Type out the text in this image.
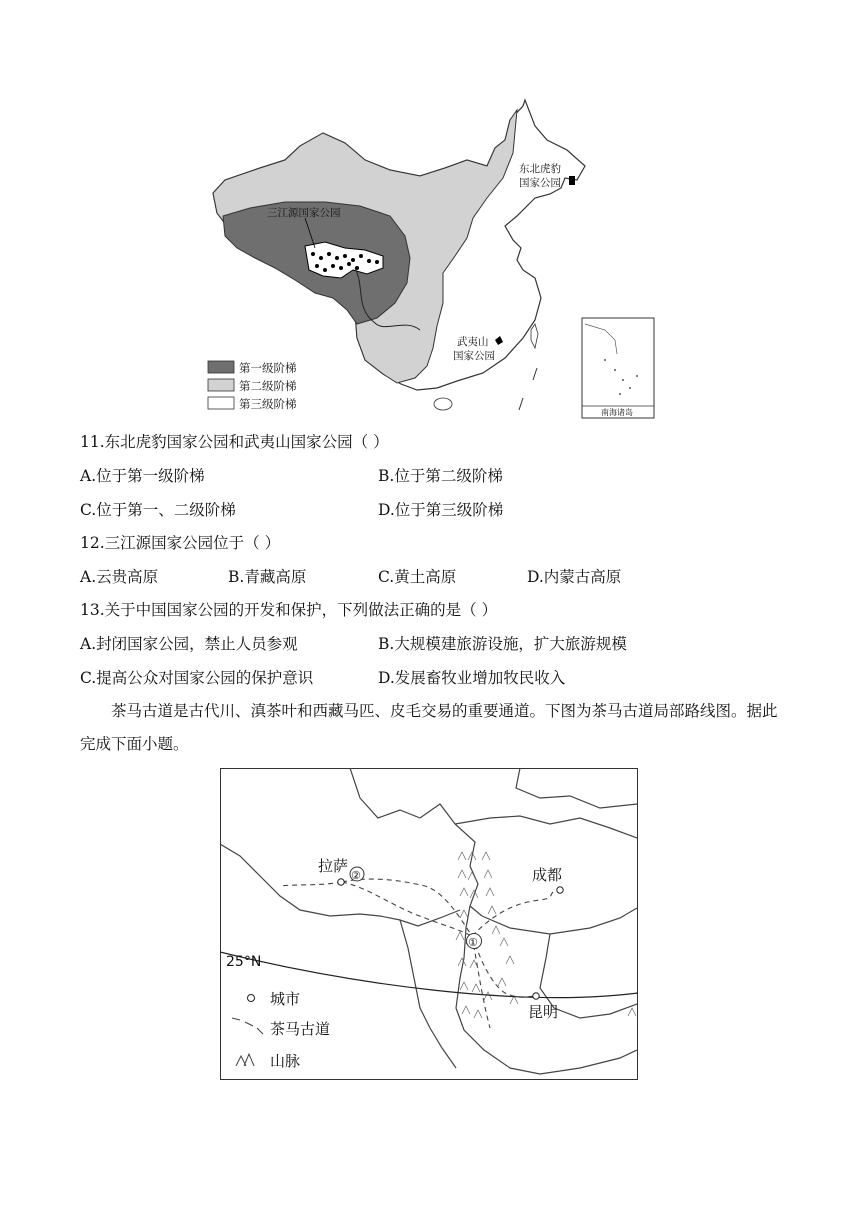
三江源国家公园
东北虎豹
国家公园
武夷山
国家公园
南海诸岛
第一级阶梯
第二级阶梯
第三级阶梯
11.东北虎豹国家公园和武夷山国家公园（ ）
A.位于第一级阶梯	B.位于第二级阶梯
C.位于第一、二级阶梯	D.位于第三级阶梯
12.三江源国家公园位于（ ）
A.云贵高原	B.青藏高原	C.黄土高原	D.内蒙古高原
13.关于中国国家公园的开发和保护，下列做法正确的是（ ）
A.封闭国家公园，禁止人员参观	B.大规模建旅游设施，扩大旅游规模
C.提高公众对国家公园的保护意识	D.发展畜牧业增加牧民收入
茶马古道是古代川、滇茶叶和西藏马匹、皮毛交易的重要通道。下图为茶马古道局部路线图。据此完成下面小题。
25°N
拉萨
②	成都
昆明
①
城市
茶马古道
山脉
